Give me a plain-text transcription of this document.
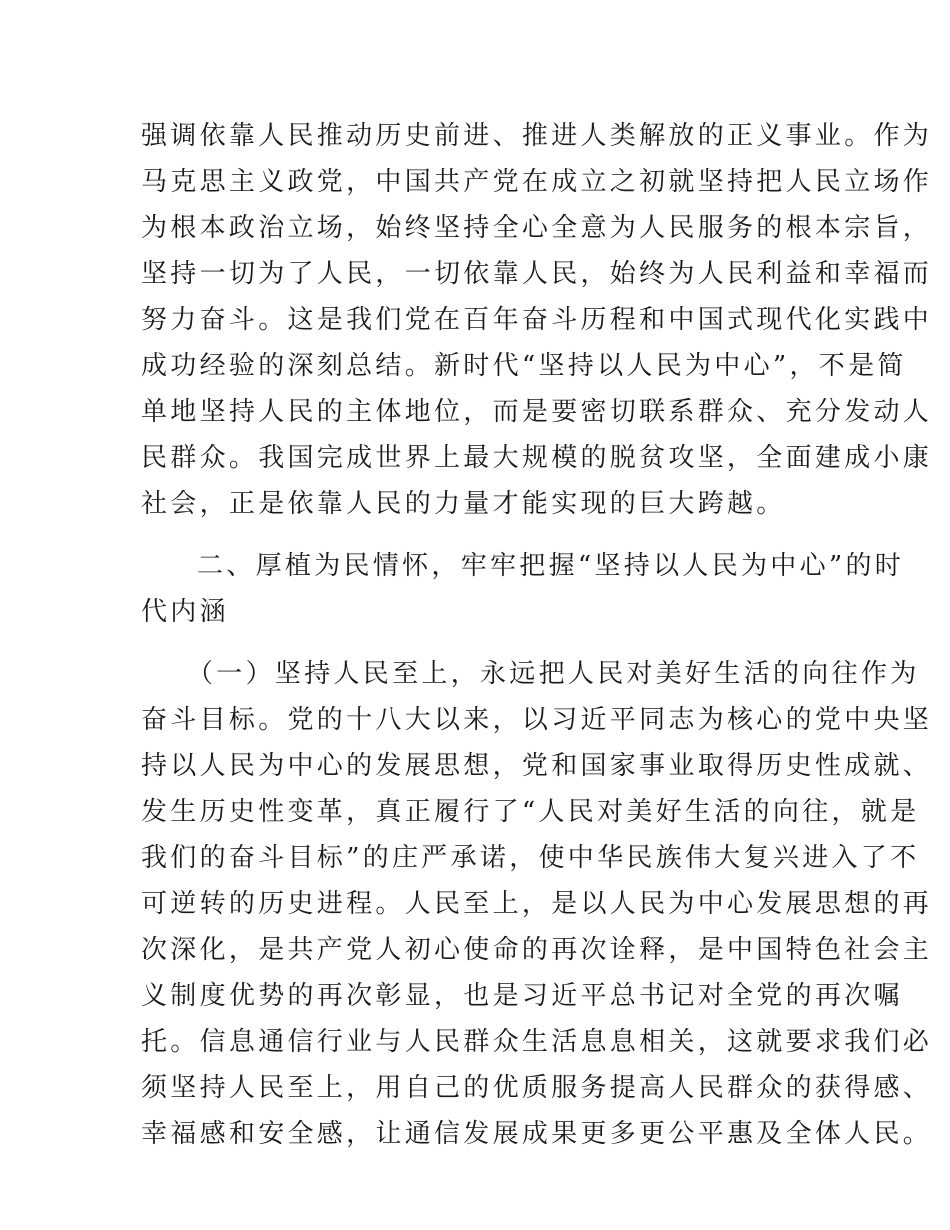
强调依靠人民推动历史前进、推进人类解放的正义事业。作为
马克思主义政党，中国共产党在成立之初就坚持把人民立场作
为根本政治立场，始终坚持全心全意为人民服务的根本宗旨，
坚持一切为了人民，一切依靠人民，始终为人民利益和幸福而
努力奋斗。这是我们党在百年奋斗历程和中国式现代化实践中
成功经验的深刻总结。新时代“坚持以人民为中心”，不是简
单地坚持人民的主体地位，而是要密切联系群众、充分发动人
民群众。我国完成世界上最大规模的脱贫攻坚，全面建成小康
社会，正是依靠人民的力量才能实现的巨大跨越。
二、厚植为民情怀，牢牢把握“坚持以人民为中心”的时
代内涵
（一）坚持人民至上，永远把人民对美好生活的向往作为
奋斗目标。党的十八大以来，以习近平同志为核心的党中央坚
持以人民为中心的发展思想，党和国家事业取得历史性成就、
发生历史性变革，真正履行了“人民对美好生活的向往，就是
我们的奋斗目标”的庄严承诺，使中华民族伟大复兴进入了不
可逆转的历史进程。人民至上，是以人民为中心发展思想的再
次深化，是共产党人初心使命的再次诠释，是中国特色社会主
义制度优势的再次彰显，也是习近平总书记对全党的再次嘱
托。信息通信行业与人民群众生活息息相关，这就要求我们必
须坚持人民至上，用自己的优质服务提高人民群众的获得感、
幸福感和安全感，让通信发展成果更多更公平惠及全体人民。
